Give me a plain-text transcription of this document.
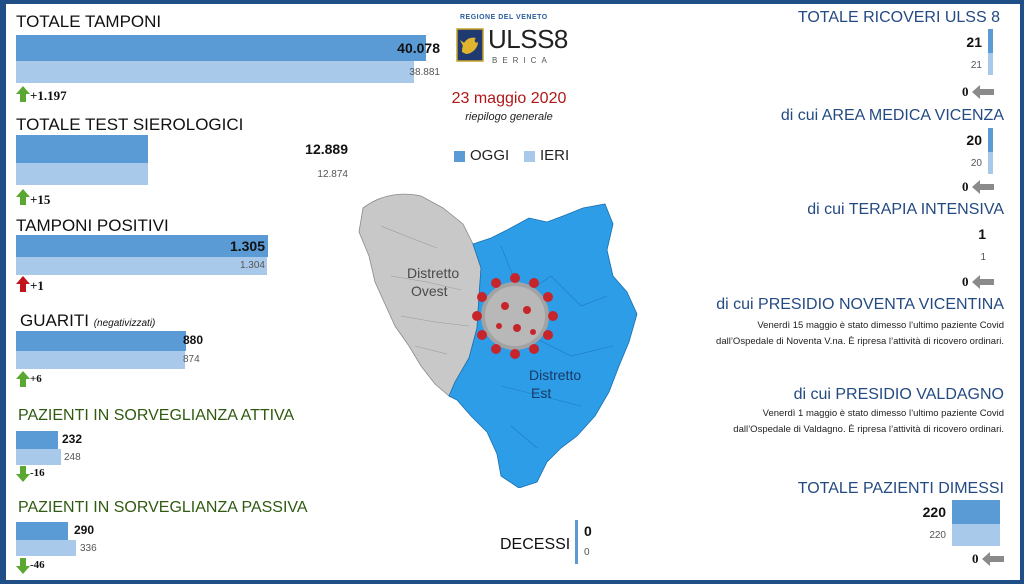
TOTALE TAMPONI
40.078
38.881
+1.197
TOTALE TEST SIEROLOGICI
12.889
12.874
+15
TAMPONI POSITIVI
1.305
1.304
+1
GUARITI (negativizzati)
880
874
+6
PAZIENTI IN SORVEGLIANZA ATTIVA
232
248
-16
PAZIENTI IN SORVEGLIANZA PASSIVA
290
336
-46
REGIONE DEL VENETO
ULSS8
BERICA
23 maggio 2020
riepilogo generale
OGGI IERI
Distretto
Ovest
Distretto
Est
DECESSI
0
0
TOTALE RICOVERI ULSS 8
21
21
0
di cui AREA MEDICA VICENZA
20
20
0
di cui TERAPIA INTENSIVA
1
1
0
di cui PRESIDIO NOVENTA VICENTINA
Venerdì 15 maggio è stato dimesso l’ultimo paziente Covid
dall’Ospedale di Noventa V.na. È ripresa l’attività di ricovero ordinari.
di cui PRESIDIO VALDAGNO
Venerdì 1 maggio è stato dimesso l’ultimo paziente Covid
dall’Ospedale di Valdagno. È ripresa l’attività di ricovero ordinari.
TOTALE PAZIENTI DIMESSI
220
220
0
